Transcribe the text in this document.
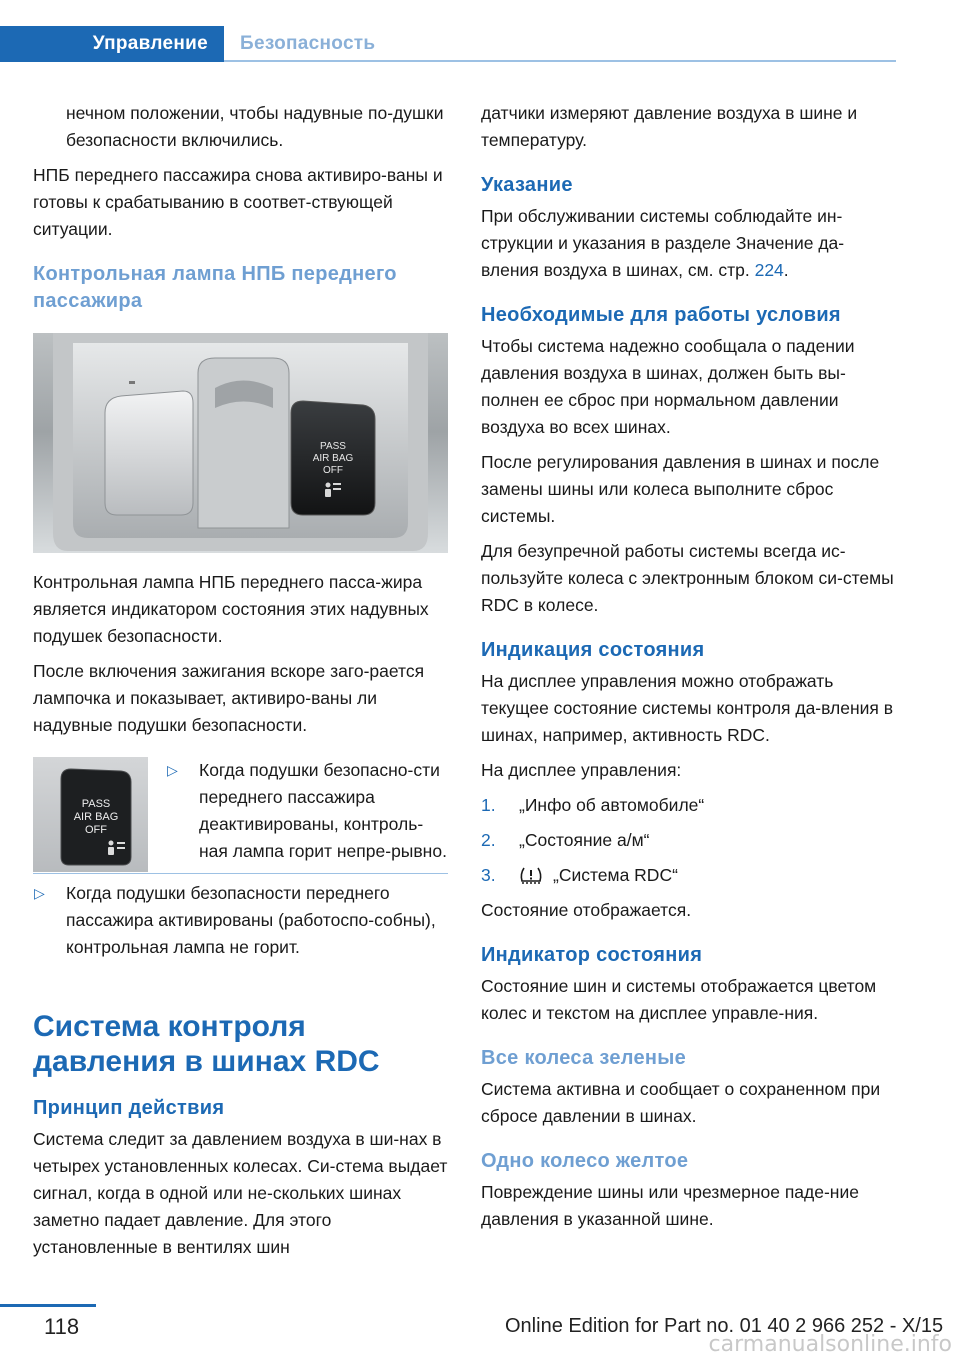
Управление	Безопасность

нечном положении, чтобы надувные по-душки безопасности включились.

НПБ переднего пассажира снова активиро-ваны и готовы к срабатыванию в соответ-ствующей ситуации.

Контрольная лампа НПБ переднего пассажира
PASS
AIR BAG
OFF

Контрольная лампа НПБ переднего пасса-жира является индикатором состояния этих надувных подушек безопасности.

После включения зажигания вскоре заго-рается лампочка и показывает, активиро-ваны ли надувные подушки безопасности.

PASS
AIR BAG
OFF
▷ Когда подушки безопасно-сти переднего пассажира деактивированы, контроль-ная лампа горит непре-рывно.
▷ Когда подушки безопасности переднего пассажира активированы (работоспо-собны), контрольная лампа не горит.
Система контроля давления в шинах RDC
Принцип действия

Система следит за давлением воздуха в ши-нах в четырех установленных колесах. Си-стема выдает сигнал, когда в одной или не-скольких шинах заметно падает давление. Для этого установленные в вентилях шин

датчики измеряют давление воздуха в шине и температуру.

Указание

При обслуживании системы соблюдайте ин-струкции и указания в разделе Значение да-вления воздуха в шинах, см. стр. 224.

Необходимые для работы условия

Чтобы система надежно сообщала о падении давления воздуха в шинах, должен быть вы-полнен ее сброс при нормальном давлении воздуха во всех шинах.

После регулирования давления в шинах и после замены шины или колеса выполните сброс системы.

Для безупречной работы системы всегда ис-пользуйте колеса с электронным блоком си-стемы RDC в колесе.

Индикация состояния

На дисплее управления можно отображать текущее состояние системы контроля да-вления в шинах, например, активность RDC.

На дисплее управления:

1. „Инфо об автомобиле“
2. „Состояние а/м“
3.	„Система RDC“

Состояние отображается.

Индикатор состояния

Состояние шин и системы отображается цветом колес и текстом на дисплее управле-ния.

Все колеса зеленые

Система активна и сообщает о сохраненном при сбросе давлении в шинах.

Одно колесо желтое

Повреждение шины или чрезмерное паде-ние давления в указанной шине.

118	Online Edition for Part no. 01 40 2 966 252 - X/15
carmanualsonline.info
